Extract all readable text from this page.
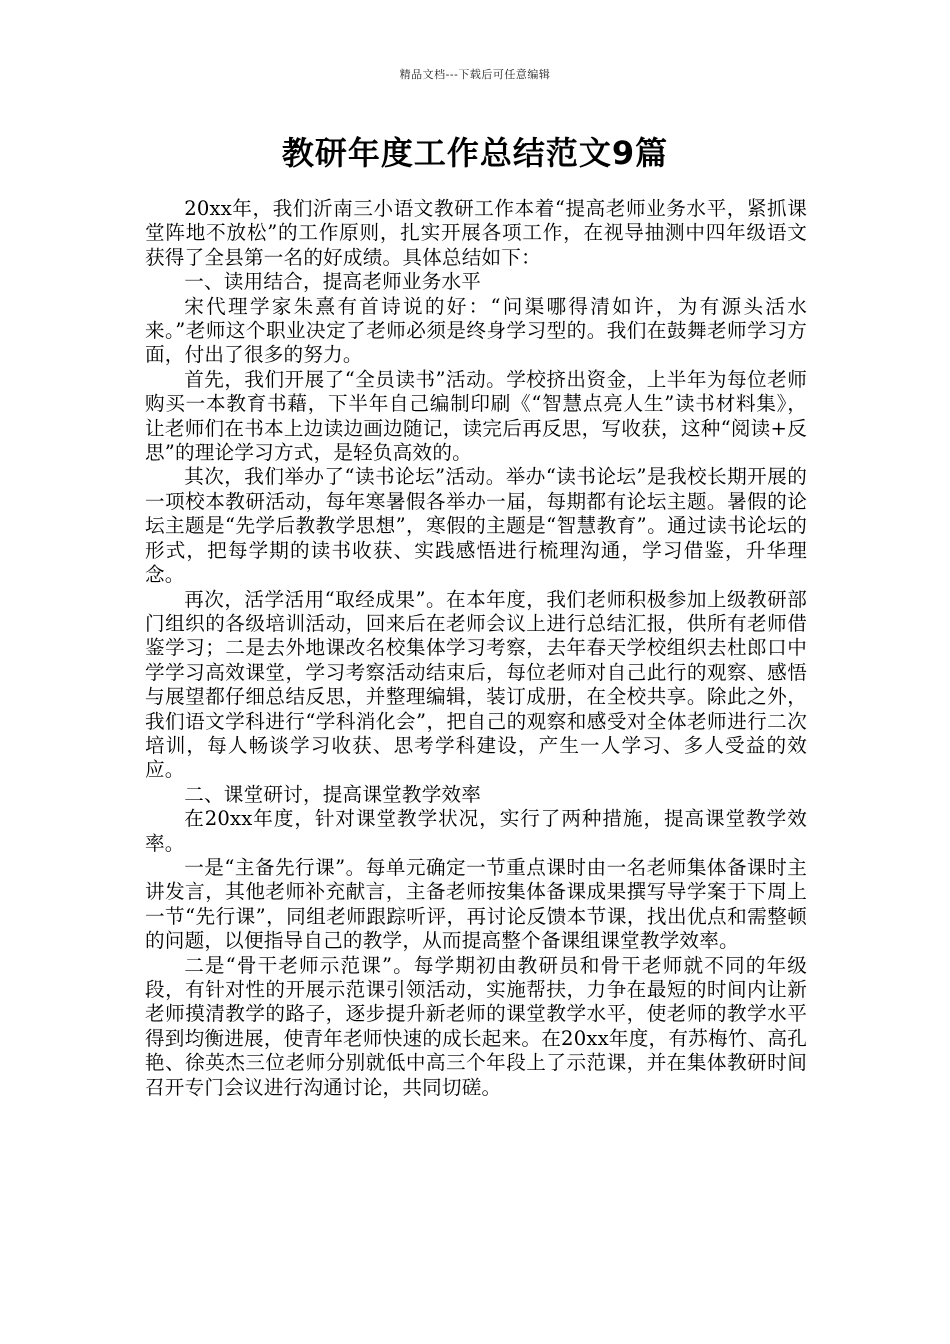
精品文档---下载后可任意编辑
教研年度工作总结范文9篇

20xx年，我们沂南三小语文教研工作本着“提高老师业务水平，紧抓课堂阵地不放松”的工作原则，扎实开展各项工作，在视导抽测中四年级语文获得了全县第一名的好成绩。具体总结如下：

一、读用结合，提高老师业务水平

宋代理学家朱熹有首诗说的好：“问渠哪得清如许，为有源头活水来。”老师这个职业决定了老师必须是终身学习型的。我们在鼓舞老师学习方面，付出了很多的努力。

首先，我们开展了“全员读书”活动。学校挤出资金，上半年为每位老师购买一本教育书藉，下半年自己编制印刷《“智慧点亮人生”读书材料集》，让老师们在书本上边读边画边随记，读完后再反思，写收获，这种“阅读+反思”的理论学习方式，是轻负高效的。

其次，我们举办了“读书论坛”活动。举办“读书论坛”是我校长期开展的一项校本教研活动，每年寒暑假各举办一届，每期都有论坛主题。暑假的论坛主题是“先学后教教学思想”，寒假的主题是“智慧教育”。通过读书论坛的形式，把每学期的读书收获、实践感悟进行梳理沟通，学习借鉴，升华理念。

再次，活学活用“取经成果”。在本年度，我们老师积极参加上级教研部门组织的各级培训活动，回来后在老师会议上进行总结汇报，供所有老师借鉴学习；二是去外地课改名校集体学习考察，去年春天学校组织去杜郎口中学学习高效课堂，学习考察活动结束后，每位老师对自己此行的观察、感悟与展望都仔细总结反思，并整理编辑，装订成册，在全校共享。除此之外，我们语文学科进行“学科消化会”，把自己的观察和感受对全体老师进行二次培训，每人畅谈学习收获、思考学科建设，产生一人学习、多人受益的效应。

二、课堂研讨，提高课堂教学效率

在20xx年度，针对课堂教学状况，实行了两种措施，提高课堂教学效率。

一是“主备先行课”。每单元确定一节重点课时由一名老师集体备课时主讲发言，其他老师补充献言，主备老师按集体备课成果撰写导学案于下周上一节“先行课”，同组老师跟踪听评，再讨论反馈本节课，找出优点和需整顿的问题，以便指导自己的教学，从而提高整个备课组课堂教学效率。

二是“骨干老师示范课”。每学期初由教研员和骨干老师就不同的年级段，有针对性的开展示范课引领活动，实施帮扶，力争在最短的时间内让新老师摸清教学的路子，逐步提升新老师的课堂教学水平，使老师的教学水平得到均衡进展，使青年老师快速的成长起来。在20xx年度，有苏梅竹、高孔艳、徐英杰三位老师分别就低中高三个年段上了示范课，并在集体教研时间召开专门会议进行沟通讨论，共同切磋。
